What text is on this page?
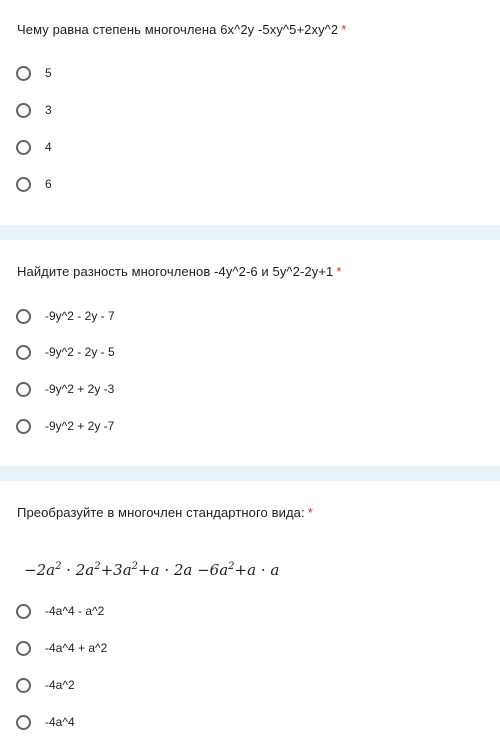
Чему равна степень многочлена 6x^2y -5xy^5+2xy^2 *
5
3
4
6
Найдите разность многочленов -4y^2-6 и 5y^2-2y+1 *
-9y^2 - 2y - 7
-9y^2 - 2y - 5
-9y^2 + 2y -3
-9y^2 + 2y -7
Преобразуйте в многочлен стандартного вида: *
$-2a^2 \cdot 2a^2+3a^2+a \cdot 2a -6a^2+a \cdot a$
-4a^4 - a^2
-4a^4 + a^2
-4a^2
-4a^4
